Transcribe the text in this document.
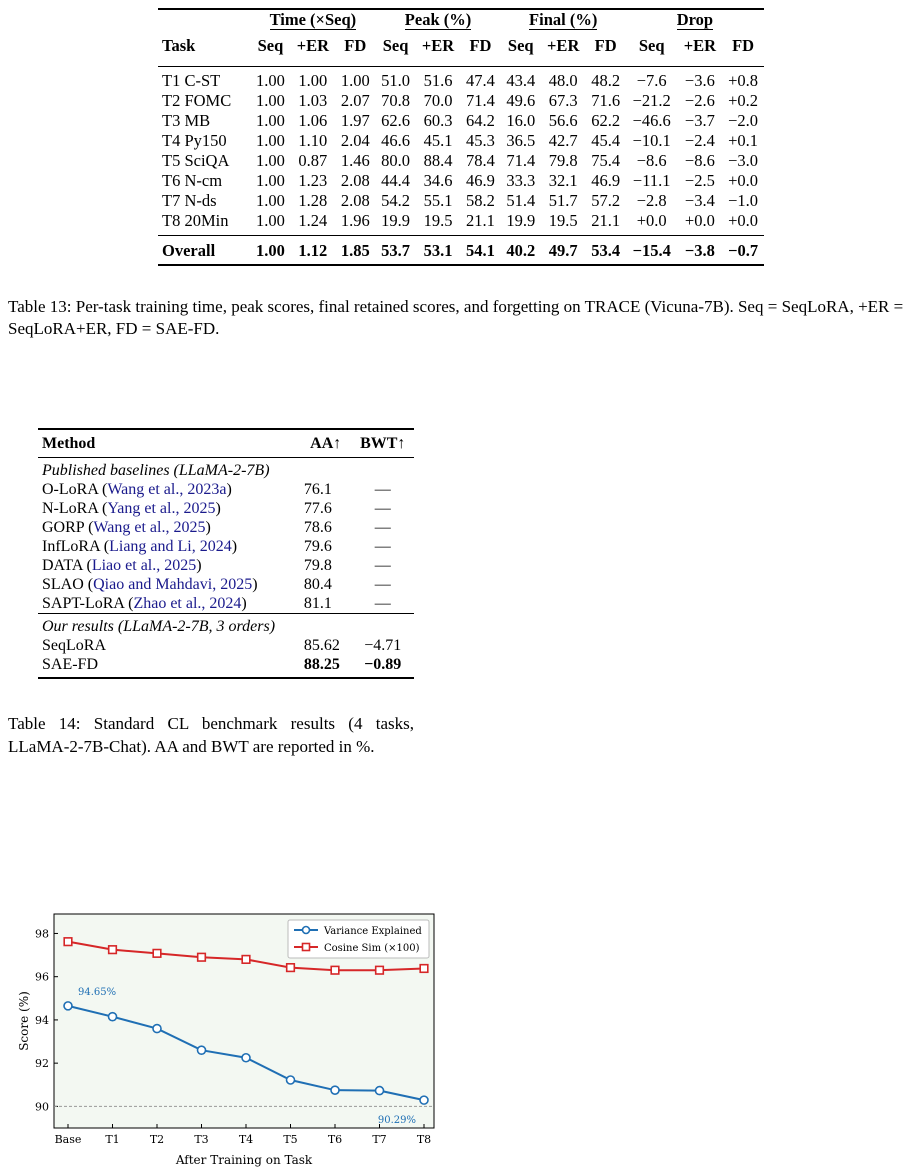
	Time (×Seq)			Peak (%)			Final (%)			Drop		
Task	Seq	+ER	FD	Seq	+ER	FD	Seq	+ER	FD	Seq	+ER	FD
T1 C-ST	1.00	1.00	1.00	51.0	51.6	47.4	43.4	48.0	48.2	−7.6	−3.6	+0.8
T2 FOMC	1.00	1.03	2.07	70.8	70.0	71.4	49.6	67.3	71.6	−21.2	−2.6	+0.2
T3 MB	1.00	1.06	1.97	62.6	60.3	64.2	16.0	56.6	62.2	−46.6	−3.7	−2.0
T4 Py150	1.00	1.10	2.04	46.6	45.1	45.3	36.5	42.7	45.4	−10.1	−2.4	+0.1
T5 SciQA	1.00	0.87	1.46	80.0	88.4	78.4	71.4	79.8	75.4	−8.6	−8.6	−3.0
T6 N-cm	1.00	1.23	2.08	44.4	34.6	46.9	33.3	32.1	46.9	−11.1	−2.5	+0.0
T7 N-ds	1.00	1.28	2.08	54.2	55.1	58.2	51.4	51.7	57.2	−2.8	−3.4	−1.0
T8 20Min	1.00	1.24	1.96	19.9	19.5	21.1	19.9	19.5	21.1	+0.0	+0.0	+0.0
Overall	1.00	1.12	1.85	53.7	53.1	54.1	40.2	49.7	53.4	−15.4	−3.8	−0.7
Table 13: Per-task training time, peak scores, final retained scores, and forgetting on TRACE (Vicuna-7B). Seq = SeqLoRA, +ER = SeqLoRA+ER, FD = SAE-FD.
Method	AA↑	BWT↑
Published baselines (LLaMA-2-7B)		
O-LoRA (Wang et al., 2023a)	76.1	—
N-LoRA (Yang et al., 2025)	77.6	—
GORP (Wang et al., 2025)	78.6	—
InfLoRA (Liang and Li, 2024)	79.6	—
DATA (Liao et al., 2025)	79.8	—
SLAO (Qiao and Mahdavi, 2025)	80.4	—
SAPT-LoRA (Zhao et al., 2024)	81.1	—
Our results (LLaMA-2-7B, 3 orders)		
SeqLoRA	85.62	−4.71
SAE-FD	88.25	−0.89
Table 14: Standard CL benchmark results (4 tasks, LLaMA-2-7B-Chat). AA and BWT are reported in %.
90
92
94
96
98
Base T1	T2	T3	T4	T5	T6	T7	T8
94.65%
90.29%
After Training on Task
Score (%)
Variance Explained
Cosine Sim (×100)
